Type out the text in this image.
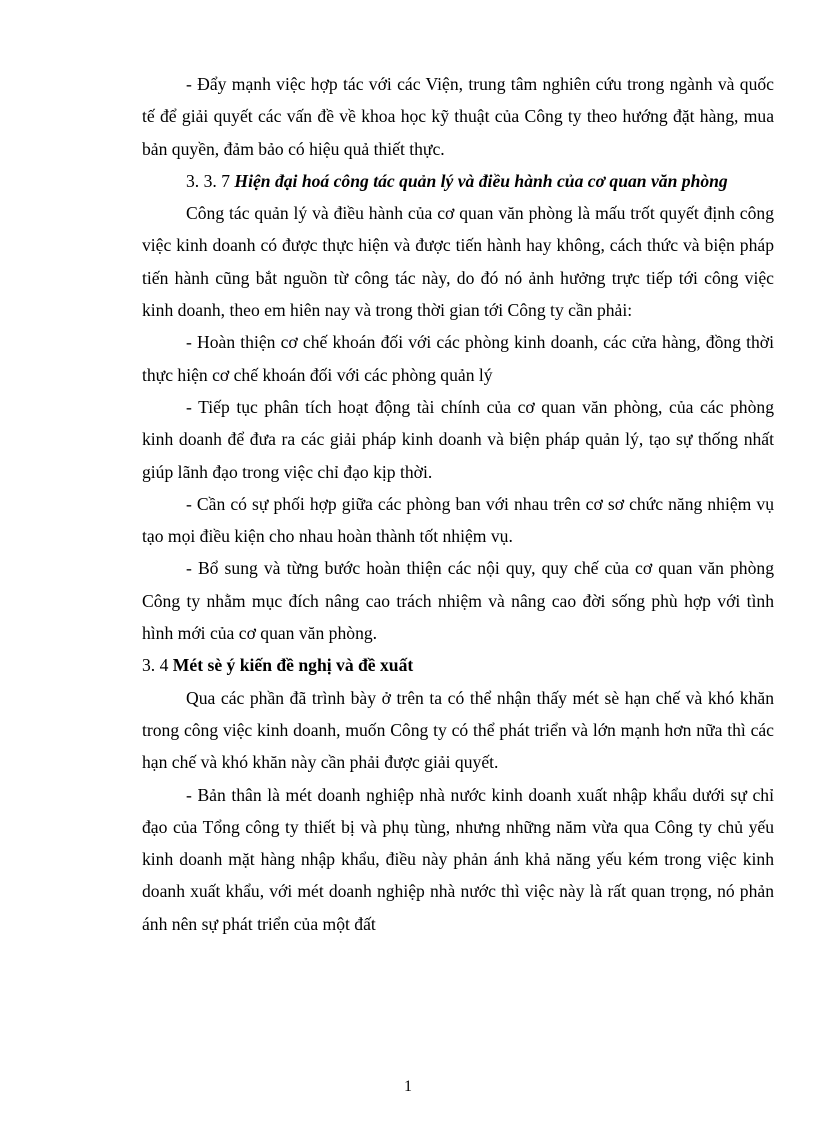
- Đẩy mạnh việc hợp tác với các Viện, trung tâm nghiên cứu trong ngành và quốc tế để giải quyết các vấn đề về khoa học kỹ thuật của Công ty theo hướng đặt hàng, mua bản quyền, đảm bảo có hiệu quả thiết thực.

3. 3. 7 Hiện đại hoá công tác quản lý và điều hành của cơ quan văn phòng

Công tác quản lý và điều hành của cơ quan văn phòng là mấu trốt quyết định công việc kinh doanh có được thực hiện và được tiến hành hay không, cách thức và biện pháp tiến hành cũng bắt nguồn từ công tác này, do đó nó ảnh hưởng trực tiếp tới công việc kinh doanh, theo em hiên nay và trong thời gian tới Công ty cần phải:

- Hoàn thiện cơ chế khoán đối với các phòng kinh doanh, các cửa hàng, đồng thời thực hiện cơ chế khoán đối với các phòng quản lý

- Tiếp tục phân tích hoạt động tài chính của cơ quan văn phòng, của các phòng kinh doanh để đưa ra các giải pháp kinh doanh và biện pháp quản lý, tạo sự thống nhất giúp lãnh đạo trong việc chỉ đạo kịp thời.

- Cần có sự phối hợp giữa các phòng ban với nhau trên cơ sơ chức năng nhiệm vụ tạo mọi điều kiện cho nhau hoàn thành tốt nhiệm vụ.

- Bổ sung và từng bước hoàn thiện các nội quy, quy chế của cơ quan văn phòng Công ty nhằm mục đích nâng cao trách nhiệm và nâng cao đời sống phù hợp với tình hình mới của cơ quan văn phòng.

3. 4 Mét sè ý kiến đề nghị và đề xuất

Qua các phần đã trình bày ở trên ta có thể nhận thấy mét sè hạn chế và khó khăn trong công việc kinh doanh, muốn Công ty có thể phát triển và lớn mạnh hơn nữa thì các hạn chế và khó khăn này cần phải được giải quyết.

- Bản thân là mét doanh nghiệp nhà nước kinh doanh xuất nhập khẩu dưới sự chỉ đạo của Tổng công ty thiết bị và phụ tùng, nhưng những năm vừa qua Công ty chủ yếu kinh doanh mặt hàng nhập khẩu, điều này phản ánh khả năng yếu kém trong việc kinh doanh xuất khẩu, với mét doanh nghiệp nhà nước thì việc này là rất quan trọng, nó phản ánh nên sự phát triển của một đất

1
